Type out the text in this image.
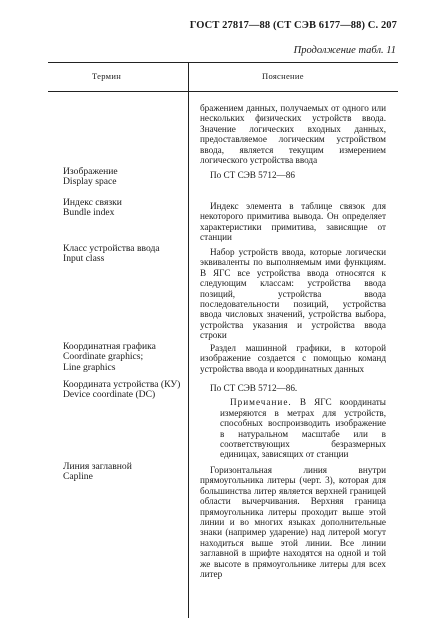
ГОСТ 27817—88 (СТ СЭВ 6177—88) С. 207
Продолжение табл. 11
Термин	Пояснение

бражением данных, получаемых от одного или нескольких физических устройств ввода. Значение логических входных данных, предоставляемое логическим устройством ввода, является текущим измерением логического устройства ввода

Изображение
Display space

По СТ СЭВ 5712—86

Индекс связки
Bundle index

Индекс элемента в таблице связок для некоторого примитива вывода. Он определяет характеристики примитива, зависящие от станции

Класс устройства ввода
Input class

Набор устройств ввода, которые логически эквиваленты по выполняемым ими функциям. В ЯГС все устройства ввода относятся к следующим классам: устройства ввода позиций, устройства ввода последовательности позиций, устройства ввода числовых значений, устройства выбора, устройства указания и устройства ввода строки

Координатная графика
Coordinate graphics;
Line graphics

Раздел машинной графики, в которой изображение создается с помощью команд устройства ввода и координатных данных

Координата устройства (КУ)
Device coordinate (DC)

По СТ СЭВ 5712—86.

Примечание. В ЯГС координаты измеряются в метрах для устройств, способных воспроизводить изображение в натуральном масштабе или в соответствующих безразмерных единицах, зависящих от станции

Линия заглавной
Capline

Горизонтальная линия внутри прямоугольника литеры (черт. 3), которая для большинства литер является верхней границей области вычерчивания. Верхняя граница прямоугольника литеры проходит выше этой линии и во многих языках дополнительные знаки (например ударение) над литерой могут находиться выше этой линии. Все линии заглавной в шрифте находятся на одной и той же высоте в прямоугольнике литеры для всех литер
